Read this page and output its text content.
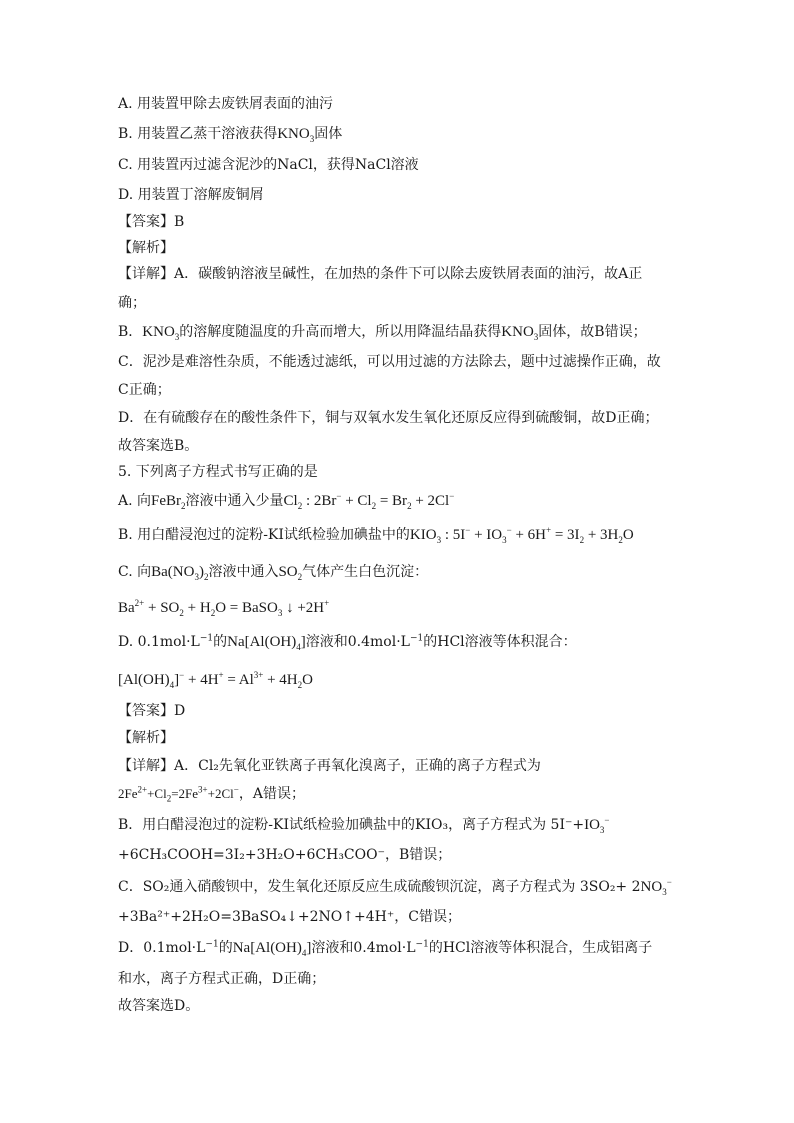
A. 用装置甲除去废铁屑表面的油污
B. 用装置乙蒸干溶液获得$KNO_3$固体
C. 用装置丙过滤含泥沙的NaCl，获得NaCl溶液
D. 用装置丁溶解废铜屑
【答案】B
【解析】
【详解】A．碳酸钠溶液呈碱性，在加热的条件下可以除去废铁屑表面的油污，故A正
确；
B．$KNO_3$的溶解度随温度的升高而增大，所以用降温结晶获得$KNO_3$固体，故B错误；
C．泥沙是难溶性杂质，不能透过滤纸，可以用过滤的方法除去，题中过滤操作正确，故
C正确；
D．在有硫酸存在的酸性条件下，铜与双氧水发生氧化还原反应得到硫酸铜，故D正确；
故答案选B。
5. 下列离子方程式书写正确的是
A. 向FeBr$_2$溶液中通入少量$Cl_2$ : $2Br^- + Cl_2 = Br_2 + 2Cl^-$
B. 用白醋浸泡过的淀粉-KI试纸检验加碘盐中的$KIO_3$ : $5I^- + IO_3^- + 6H^+ = 3I_2 + 3H_2O$
C. 向$Ba(NO_3)_2$溶液中通入$SO_2$气体产生白色沉淀：
$Ba^{2+} + SO_2 + H_2O$ = BaSO$_3$ ↓ +2H+
D. $0.1mol\cdot L^{-1}$的$Na[Al(OH)_4]$溶液和$0.4mol\cdot L^{-1}$的HCl溶液等体积混合：
$[Al(OH)_4]^- + 4H^+ = Al^{3+} + 4H_2O$
【答案】D
【解析】
【详解】A．Cl₂先氧化亚铁离子再氧化溴离子，正确的离子方程式为
$2Fe^{2+}+Cl_2=2Fe^{3+}+2Cl^-$，A错误；
B．用白醋浸泡过的淀粉-KI试纸检验加碘盐中的KIO₃，离子方程式为 $5I^-+IO_3^-$
+6CH₃COOH=3I₂+3H₂O+6CH₃COO⁻，B错误；
C．SO₂通入硝酸钡中，发生氧化还原反应生成硫酸钡沉淀，离子方程式为 $3SO_2+ 2NO_3^-$
+3Ba²⁺+2H₂O=3BaSO₄↓+2NO↑+4H⁺，C错误；
D．$0.1mol\cdot L^{-1}$的$Na[Al(OH)_4]$溶液和$0.4mol\cdot L^{-1}$的HCl溶液等体积混合，生成铝离子
和水，离子方程式正确，D正确；
故答案选D。
